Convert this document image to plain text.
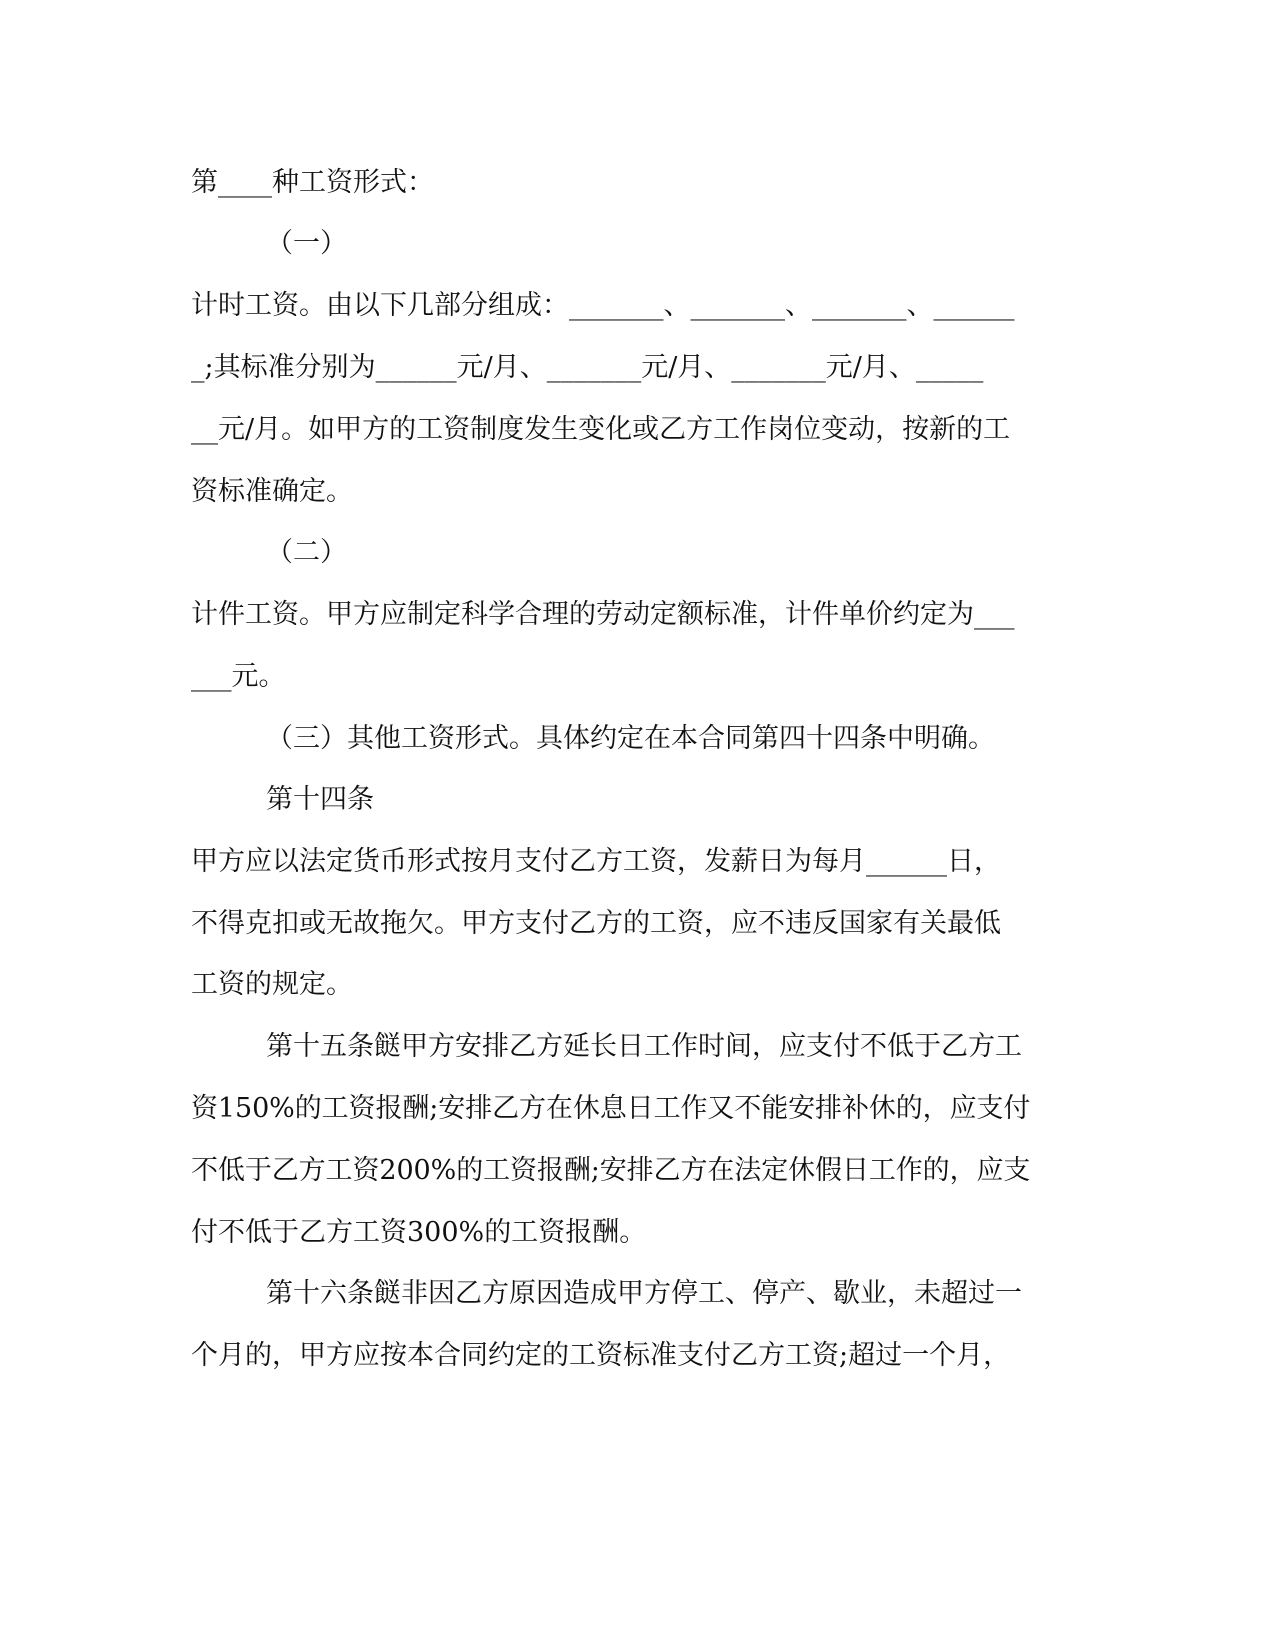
第____种工资形式：
（一）
计时工资。由以下几部分组成：_______、_______、_______、______
_;其标准分别为______元/月、_______元/月、_______元/月、_____
__元/月。如甲方的工资制度发生变化或乙方工作岗位变动，按新的工
资标准确定。
（二）
计件工资。甲方应制定科学合理的劳动定额标准，计件单价约定为___
___元。
（三）其他工资形式。具体约定在本合同第四十四条中明确。
第十四条
甲方应以法定货币形式按月支付乙方工资，发薪日为每月______日，
不得克扣或无故拖欠。甲方支付乙方的工资，应不违反国家有关最低
工资的规定。
第十五条餸甲方安排乙方延长日工作时间，应支付不低于乙方工
资150%的工资报酬;安排乙方在休息日工作又不能安排补休的，应支付
不低于乙方工资200%的工资报酬;安排乙方在法定休假日工作的，应支
付不低于乙方工资300%的工资报酬。
第十六条餸非因乙方原因造成甲方停工、停产、歇业，未超过一
个月的，甲方应按本合同约定的工资标准支付乙方工资;超过一个月，
